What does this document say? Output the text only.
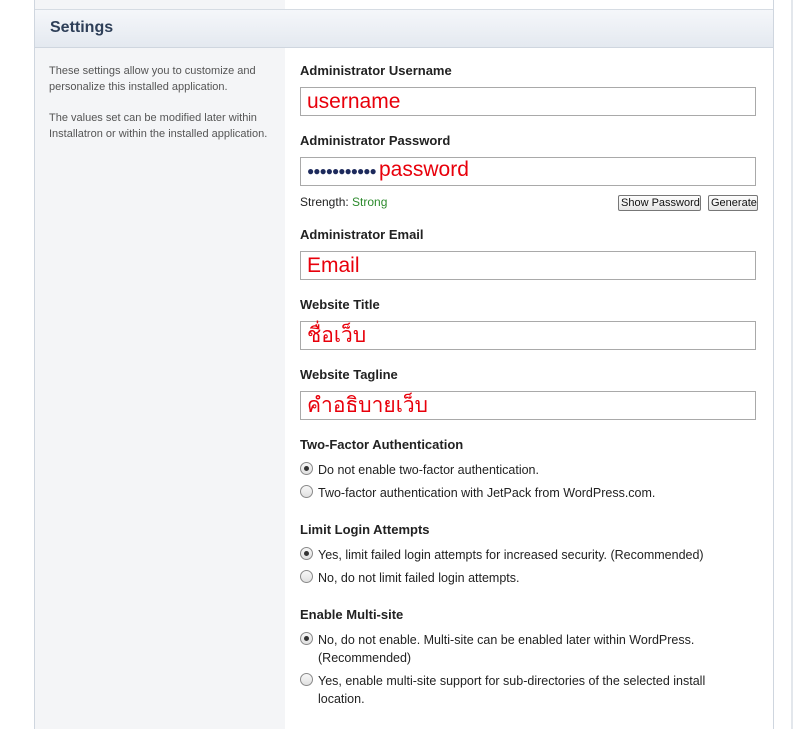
Settings

These settings allow you to customize and personalize this installed application.

The values set can be modified later within Installatron or within the installed application.

Administrator Username
username
Administrator Password
●●●●●●●●●●● password
Strength: Strong	Show Password Generate
Administrator Email
Email
Website Title
ชื่อเว็บ
Website Tagline
คำอธิบายเว็บ
Two-Factor Authentication
Do not enable two-factor authentication.
Two-factor authentication with JetPack from WordPress.com.
Limit Login Attempts
Yes, limit failed login attempts for increased security. (Recommended)
No, do not limit failed login attempts.
Enable Multi-site
No, do not enable. Multi-site can be enabled later within WordPress. (Recommended)
Yes, enable multi-site support for sub-directories of the selected install location.
